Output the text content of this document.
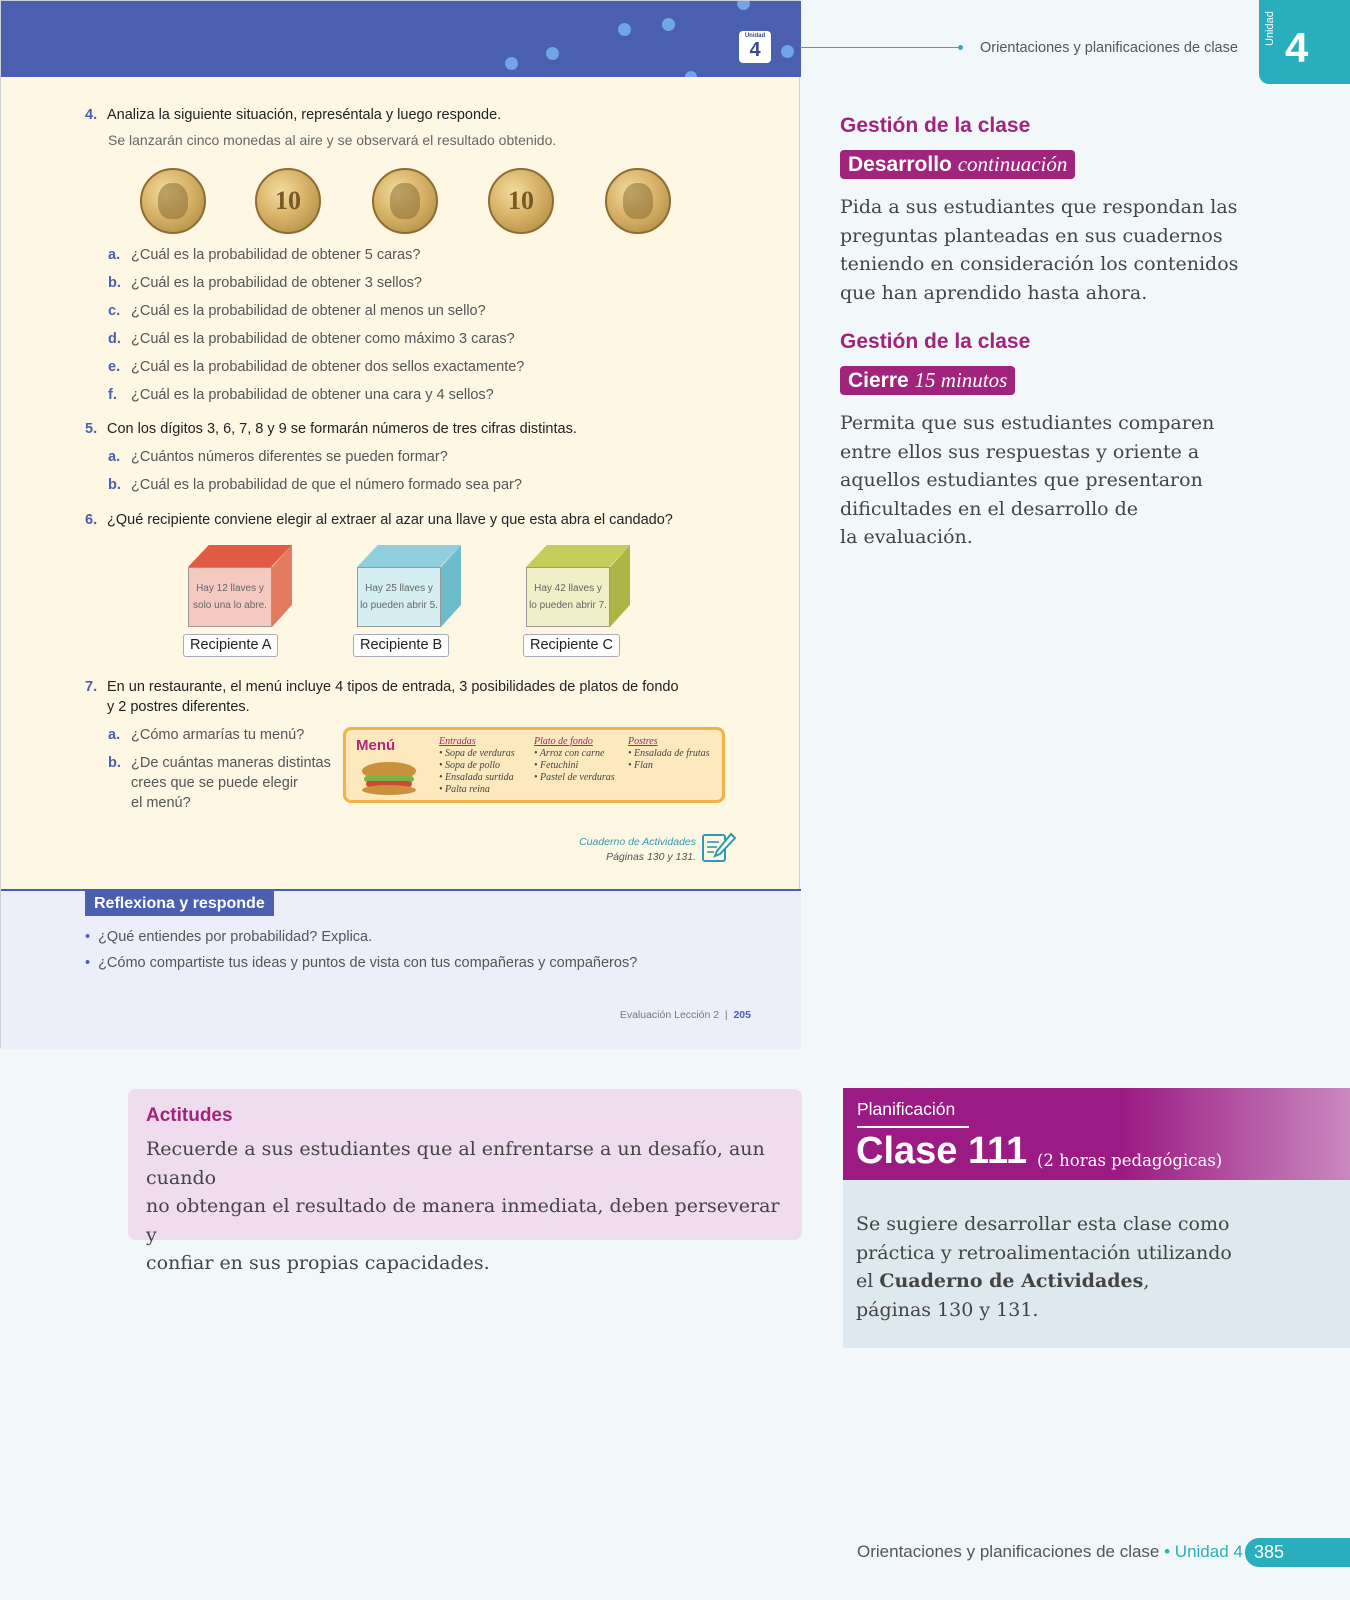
Unidad
4
4. Analiza la siguiente situación, represéntala y luego responde.
Se lanzarán cinco monedas al aire y se observará el resultado obtenido.
10	10
a. ¿Cuál es la probabilidad de obtener 5 caras?
b. ¿Cuál es la probabilidad de obtener 3 sellos?
c. ¿Cuál es la probabilidad de obtener al menos un sello?
d. ¿Cuál es la probabilidad de obtener como máximo 3 caras?
e. ¿Cuál es la probabilidad de obtener dos sellos exactamente?
f. ¿Cuál es la probabilidad de obtener una cara y 4 sellos?
5. Con los dígitos 3, 6, 7, 8 y 9 se formarán números de tres cifras distintas.
a. ¿Cuántos números diferentes se pueden formar?
b. ¿Cuál es la probabilidad de que el número formado sea par?
6. ¿Qué recipiente conviene elegir al extraer al azar una llave y que esta abra el candado?
Hay 12 llaves y
solo una lo abre.
Recipiente A
Hay 25 llaves y
lo pueden abrir 5.
Recipiente B
Hay 42 llaves y
lo pueden abrir 7.
Recipiente C
7. En un restaurante, el menú incluye 4 tipos de entrada, 3 posibilidades de platos de fondo
y 2 postres diferentes.
a. ¿Cómo armarías tu menú?
b. ¿De cuántas maneras distintas
crees que se puede elegir
el menú?
Menú	Entradas
• Sopa de verduras
• Sopa de pollo
• Ensalada surtida
• Palta reina
Plato de fondo
• Arroz con carne
• Fetuchini
• Pastel de verduras
Postres
• Ensalada de frutas
• Flan
Cuaderno de Actividades
Páginas 130 y 131.
Reflexiona y responde
• ¿Qué entiendes por probabilidad? Explica.
• ¿Cómo compartiste tus ideas y puntos de vista con tus compañeras y compañeros?
Evaluación Lección 2  |  205
Orientaciones y planificaciones de clase
Unidad 4
Gestión de la clase
Desarrollo continuación
Pida a sus estudiantes que respondan las
preguntas planteadas en sus cuadernos
teniendo en consideración los contenidos
que han aprendido hasta ahora.
Gestión de la clase
Cierre 15 minutos
Permita que sus estudiantes comparen
entre ellos sus respuestas y oriente a
aquellos estudiantes que presentaron
dificultades en el desarrollo de
la evaluación.
Actitudes
Recuerde a sus estudiantes que al enfrentarse a un desafío, aun cuando
no obtengan el resultado de manera inmediata, deben perseverar y
confiar en sus propias capacidades.
Planificación
Clase 111 (2 horas pedagógicas)
Se sugiere desarrollar esta clase como
práctica y retroalimentación utilizando
el Cuaderno de Actividades,
páginas 130 y 131.
Orientaciones y planificaciones de clase • Unidad 4 385
